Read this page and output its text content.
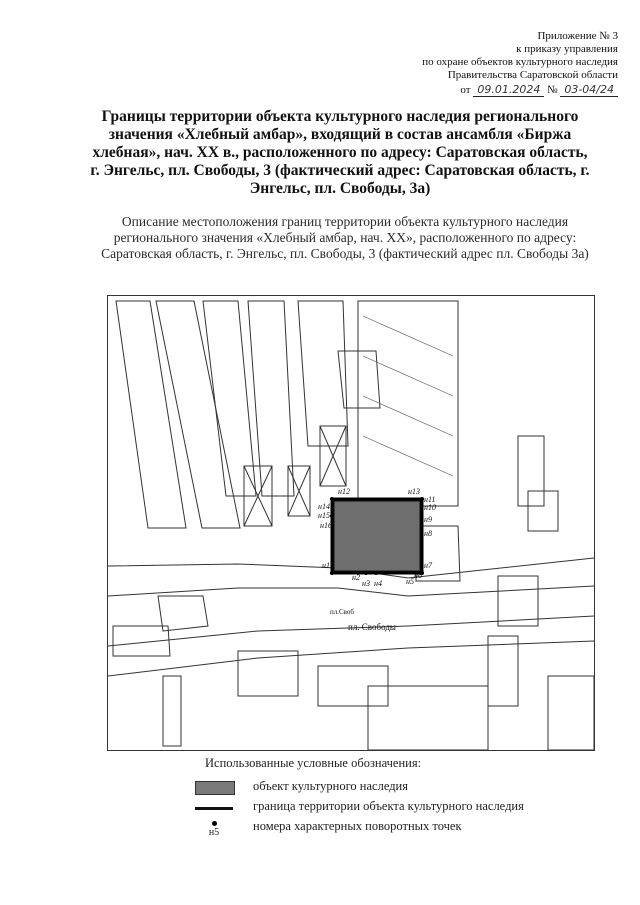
Приложение № 3
к приказу управления
по охране объектов культурного наследия
Правительства Саратовской области
от 09.01.2024 № 03-04/24
Границы территории объекта культурного наследия регионального значения «Хлебный амбар», входящий в состав ансамбля «Биржа хлебная», нач. XX в., расположенного по адресу: Саратовская область, г. Энгельс, пл. Свободы, 3 (фактический адрес: Саратовская область, г. Энгельс, пл. Свободы, 3а)
Описание местоположения границ территории объекта культурного наследия регионального значения «Хлебный амбар, нач. XX», расположенного по адресу: Саратовская область, г. Энгельс, пл. Свободы, 3 (фактический адрес пл. Свободы 3а)
н12	н13
н14
н15
н16
н1
н2
н3 н4	н5
н6
н7
н8
н9
н10
н11
пл.Своб
пл. Свободы
Использованные условные обозначения:
объект культурного наследия
граница территории объекта культурного наследия
н5	номера характерных поворотных точек
